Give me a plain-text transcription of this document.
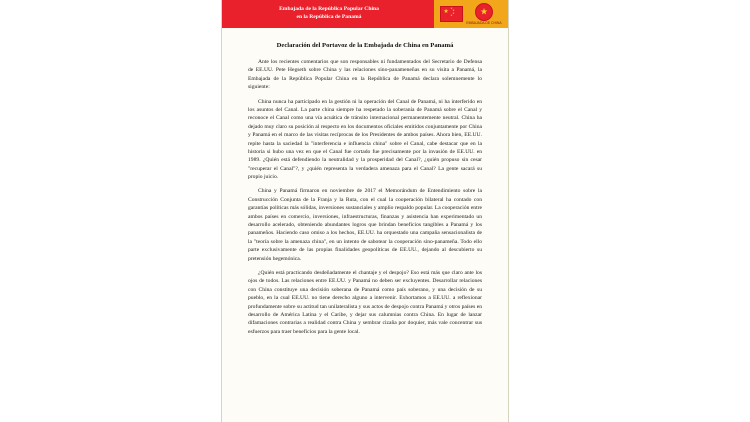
Embajada de la República Popular China
en la República de Panamá
★ ★
★
★
★
★
EMBAJADA DE CHINA
Declaración del Portavoz de la Embajada de China en Panamá

Ante los recientes comentarios que son responsables ni fundamentados del Secretario de Defensa de EE.UU. Pete Hegseth sobre China y las relaciones sino-panameneñas en su visita a Panamá, la Embajada de la República Popular China en la República de Panamá declara solemnemente lo siguiente:

China nunca ha participado en la gestión ni la operación del Canal de Panamá, ni ha interferido en los asuntos del Canal. La parte china siempre ha respetado la soberanía de Panamá sobre el Canal y reconoce el Canal como una vía acuática de tránsito internacional permanentemente neutral. China ha dejado muy claro su posición al respecto en los documentos oficiales emitidos conjuntamente por China y Panamá en el marco de las visitas recíprocas de los Presidentes de ambos países. Ahora bien, EE.UU. repite hasta la saciedad la "interferencia e influencia china" sobre el Canal, cabe destacar que en la historia si hubo una vez en que el Canal fue cortado fue precisamente por la invasión de EE.UU. en 1989. ¿Quién está defendiendo la neutralidad y la prosperidad del Canal?, ¿quién propuso sin cesar "recuperar el Canal"?, y ¿quién representa la verdadera amenaza para el Canal? La gente sacará su propio juicio.

China y Panamá firmaron en noviembre de 2017 el Memorándum de Entendimiento sobre la Construcción Conjunta de la Franja y la Ruta, con el cual la cooperación bilateral ha contado con garantías políticas más sólidas, inversiones sustanciales y amplio respaldo popular. La cooperación entre ambos países en comercio, inversiones, infraestructuras, finanzas y asistencia han experimentado un desarrollo acelerado, obteniendo abundantes logros que brindan beneficios tangibles a Panamá y los panameños. Haciendo caso omiso a los hechos, EE.UU. ha orquestado una campaña sensacionalista de la "teoría sobre la amenaza china", en un intento de sabotear la cooperación sino-panameña. Todo ello parte exclusivamente de las propias finalidades geopolíticas de EE.UU., dejando al descubierto su pretensión hegemónica.

¿Quién está practicando desdeñadamente el chantaje y el despojo? Eso está más que claro ante los ojos de todos. Las relaciones entre EE.UU. y Panamá no deben ser excluyentes. Desarrollar relaciones con China constituye una decisión soberana de Panamá como país soberano, y una decisión de su pueblo, en la cual EE.UU. no tiene derecho alguno a intervenir. Exhortamos a EE.UU. a reflexionar profundamente sobre su actitud tan unilateralista y sus actos de despojo contra Panamá y otros países en desarrollo de América Latina y el Caribe, y dejar sus calumnias contra China. En lugar de lanzar difamaciones contrarias a realidad contra China y sembrar cizaña por doquier, más vale concentrar sus esfuerzos para traer beneficios para la gente local.
